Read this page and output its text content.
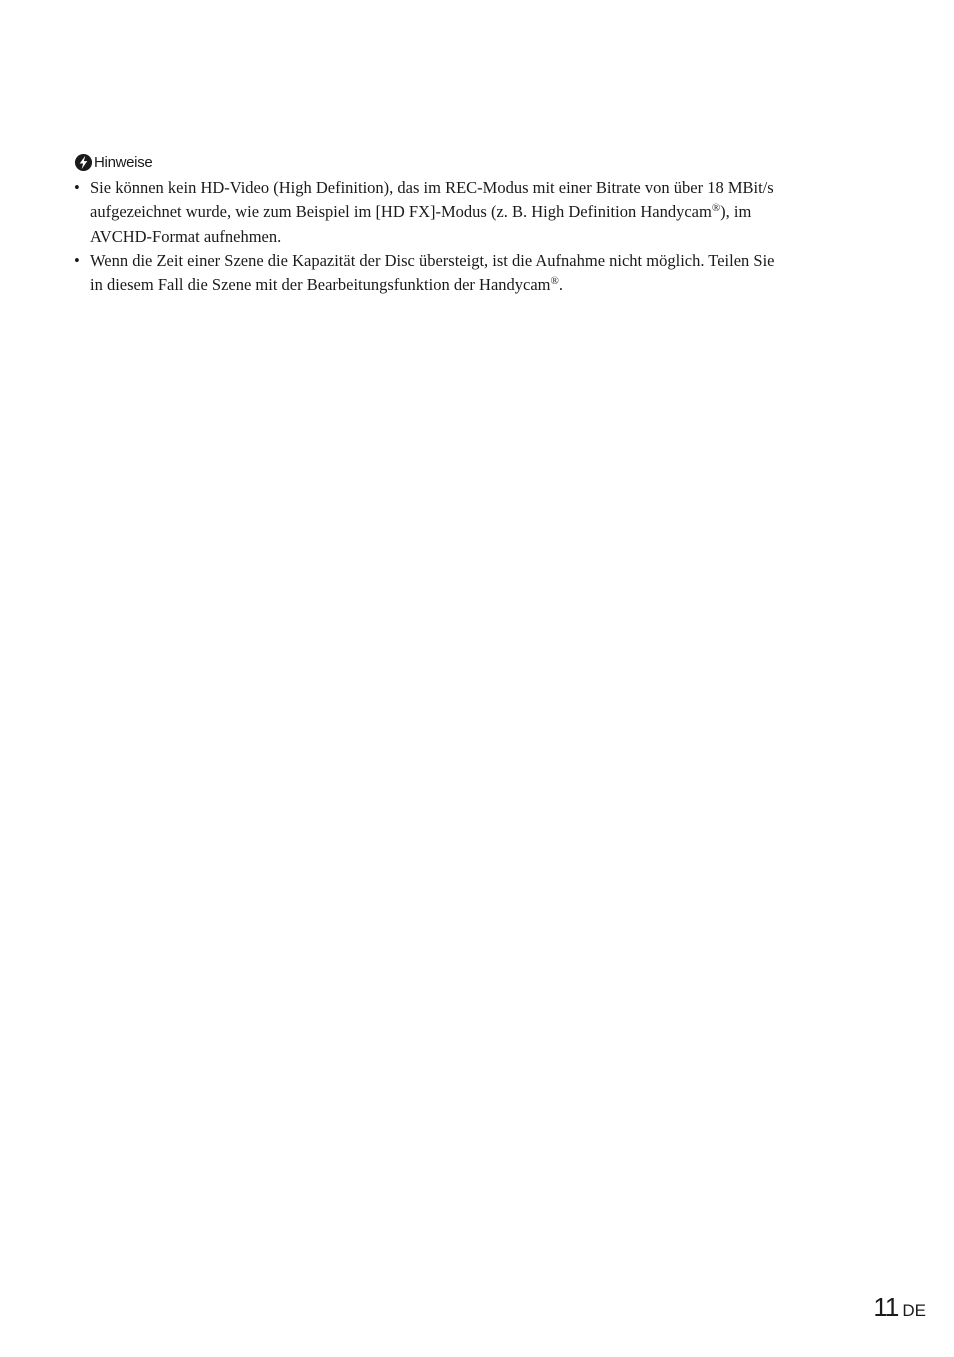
Hinweise
• Sie können kein HD-Video (High Definition), das im REC-Modus mit einer Bitrate von über 18 MBit/s
aufgezeichnet wurde, wie zum Beispiel im [HD FX]-Modus (z. B. High Definition Handycam®), im
AVCHD-Format aufnehmen.
• Wenn die Zeit einer Szene die Kapazität der Disc übersteigt, ist die Aufnahme nicht möglich. Teilen Sie
in diesem Fall die Szene mit der Bearbeitungsfunktion der Handycam®.
11 DE
